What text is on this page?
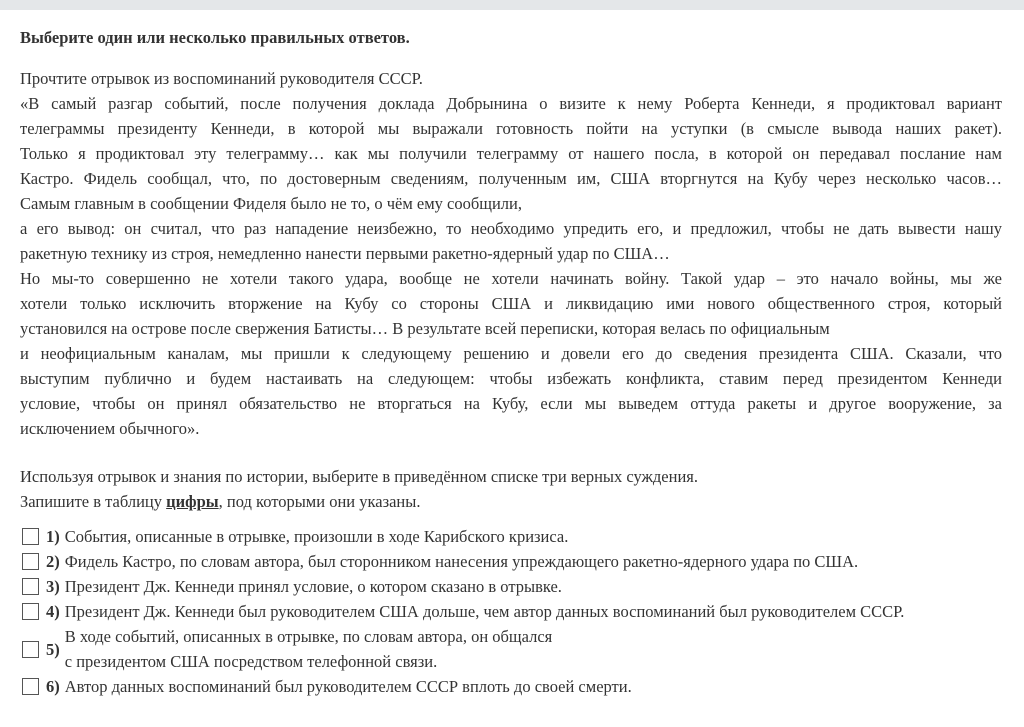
Выберите один или несколько правильных ответов.
Прочтите отрывок из воспоминаний руководителя СССР.
«В самый разгар событий, после получения доклада Добрынина о визите к нему Роберта Кеннеди, я продиктовал вариант
телеграммы президенту Кеннеди, в которой мы выражали готовность пойти на уступки (в смысле вывода наших ракет).
Только я продиктовал эту телеграмму… как мы получили телеграмму от нашего посла, в которой он передавал послание нам
Кастро. Фидель сообщал, что, по достоверным сведениям, полученным им, США вторгнутся на Кубу через несколько часов…
Самым главным в сообщении Фиделя было не то, о чём ему сообщили,
а его вывод: он считал, что раз нападение неизбежно, то необходимо упредить его, и предложил, чтобы не дать вывести нашу
ракетную технику из строя, немедленно нанести первыми ракетно-ядерный удар по США…
Но мы-то совершенно не хотели такого удара, вообще не хотели начинать войну. Такой удар – это начало войны, мы же
хотели только исключить вторжение на Кубу со стороны США и ликвидацию ими нового общественного строя, который
установился на острове после свержения Батисты… В результате всей переписки, которая велась по официальным
и неофициальным каналам, мы пришли к следующему решению и довели его до сведения президента США. Сказали, что
выступим публично и будем настаивать на следующем: чтобы избежать конфликта, ставим перед президентом Кеннеди
условие, чтобы он принял обязательство не вторгаться на Кубу, если мы выведем оттуда ракеты и другое вооружение, за
исключением обычного».
Используя отрывок и знания по истории, выберите в приведённом списке три верных суждения.
Запишите в таблицу цифры, под которыми они указаны.
1) События, описанные в отрывке, произошли в ходе Карибского кризиса.
2) Фидель Кастро, по словам автора, был сторонником нанесения упреждающего ракетно-ядерного удара по США.
3) Президент Дж. Кеннеди принял условие, о котором сказано в отрывке.
4) Президент Дж. Кеннеди был руководителем США дольше, чем автор данных воспоминаний был руководителем СССР.
5)
В ходе событий, описанных в отрывке, по словам автора, он общался
с президентом США посредством телефонной связи.
6) Автор данных воспоминаний был руководителем СССР вплоть до своей смерти.
